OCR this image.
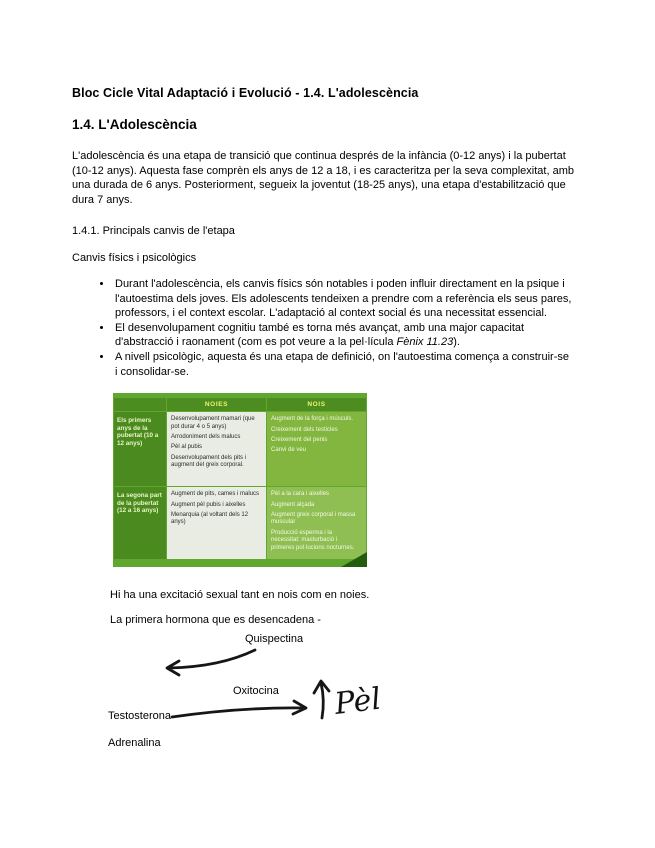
Bloc Cicle Vital Adaptació i Evolució - 1.4. L'adolescència
1.4. L'Adolescència

L'adolescència és una etapa de transició que continua després de la infància (0-12 anys) i la pubertat (10-12 anys). Aquesta fase comprèn els anys de 12 a 18, i es caracteritza per la seva complexitat, amb una durada de 6 anys. Posteriorment, segueix la joventut (18-25 anys), una etapa d'estabilització que dura 7 anys.

1.4.1. Principals canvis de l'etapa
Canvis físics i psicològics
• Durant l'adolescència, els canvis físics són notables i poden influir directament en la psique i l'autoestima dels joves. Els adolescents tendeixen a prendre com a referència els seus pares, professors, i el context escolar. L'adaptació al context social és una necessitat essencial.
• El desenvolupament cognitiu també es torna més avançat, amb una major capacitat d'abstracció i raonament (com es pot veure a la pel·lícula Fènix 11.23).
• A nivell psicològic, aquesta és una etapa de definició, on l'autoestima comença a construir-se i consolidar-se.
NOIES	NOIS
Els primers anys de la pubertat (10 a 12 anys)
Desenvolupament mamari (que pot durar 4 o 5 anys)
Arrodoniment dels malucs
Pèl al pubis
Desenvolupament dels pits i augment del greix corporal.
Augment de la força i músculs.
Creixement dels testicles
Creixement del penis
Canvi de veu
La segona part de la pubertat (12 a 16 anys)
Augment de pits, cames i malucs
Augment pèl pubis i aixelles
Menarquia (al voltant dels 12 anys)
Pèl a la cara i aixelles
Augment alçada
Augment greix corporal i massa muscular
Producció esperma i la necessitat: masturbació i primeres pol·lucions nocturnes.
Hi ha una excitació sexual tant en nois com en noies.
La primera hormona que es desencadena -
Pèl
Quispectina
Oxitocina
Testosterona
Adrenalina
